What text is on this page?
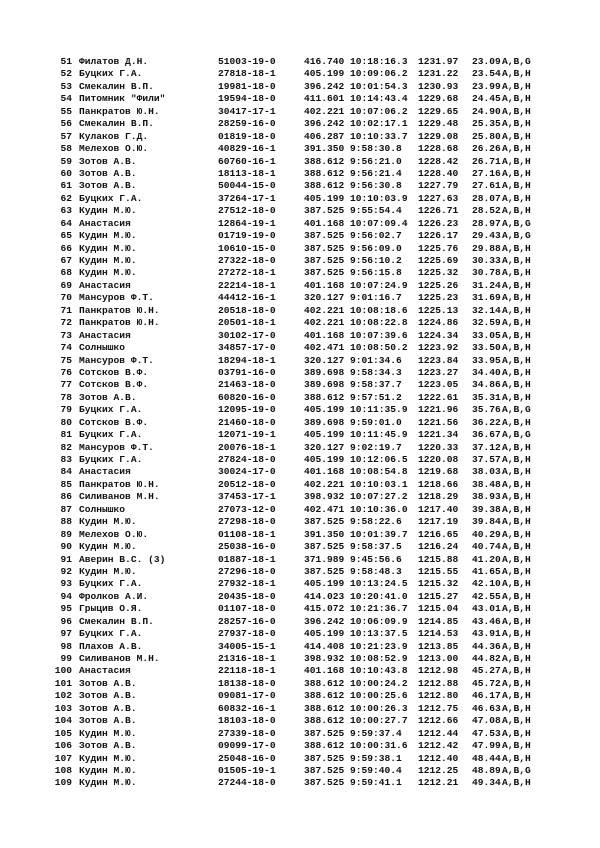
51 Филатов Д.Н.	51003-19-0	416.740 10:18:16.3 1231.97 23.09 A,B,G
52 Буцких Г.А.	27818-18-1	405.199 10:09:06.2 1231.22 23.54 A,B,H
53 Смекалин В.П.	19981-18-0	396.242 10:01:54.3 1230.93 23.99 A,B,H
54 Питомник "Фили"	19594-18-0	411.601 10:14:43.4 1229.68 24.45 A,B,H
55 Панкратов Ю.Н.	30417-17-1	402.221 10:07:06.2 1229.65 24.90 A,B,H
56 Смекалин В.П.	28259-16-0	396.242 10:02:17.1 1229.48 25.35 A,B,H
57 Кулаков Г.Д.	01819-18-0	406.287 10:10:33.7 1229.08 25.80 A,B,H
58 Мелехов О.Ю.	40829-16-1	391.350 9:58:30.8 1228.68 26.26 A,B,H
59 Зотов А.В.	60760-16-1	388.612 9:56:21.0 1228.42 26.71 A,B,H
60 Зотов А.В.	18113-18-1	388.612 9:56:21.4 1228.40 27.16 A,B,H
61 Зотов А.В.	50044-15-0	388.612 9:56:30.8 1227.79 27.61 A,B,H
62 Буцких Г.А.	37264-17-1	405.199 10:10:03.9 1227.63 28.07 A,B,H
63 Кудин М.Ю.	27512-18-0	387.525 9:55:54.4 1226.71 28.52 A,B,H
64 Анастасия	12864-19-1	401.168 10:07:09.4 1226.23 28.97 A,B,G
65 Кудин М.Ю.	01719-19-0	387.525 9:56:02.7 1226.17 29.43 A,B,G
66 Кудин М.Ю.	10610-15-0	387.525 9:56:09.0 1225.76 29.88 A,B,H
67 Кудин М.Ю.	27322-18-0	387.525 9:56:10.2 1225.69 30.33 A,B,H
68 Кудин М.Ю.	27272-18-1	387.525 9:56:15.8 1225.32 30.78 A,B,H
69 Анастасия	22214-18-1	401.168 10:07:24.9 1225.26 31.24 A,B,H
70 Мансуров Ф.Т.	44412-16-1	320.127 9:01:16.7 1225.23 31.69 A,B,H
71 Панкратов Ю.Н.	20518-18-0	402.221 10:08:18.6 1225.13 32.14 A,B,H
72 Панкратов Ю.Н.	20501-18-1	402.221 10:08:22.8 1224.86 32.59 A,B,H
73 Анастасия	30102-17-0	401.168 10:07:39.6 1224.34 33.05 A,B,H
74 Солнышко	34857-17-0	402.471 10:08:50.2 1223.92 33.50 A,B,H
75 Мансуров Ф.Т.	18294-18-1	320.127 9:01:34.6 1223.84 33.95 A,B,H
76 Сотсков В.Ф.	03791-16-0	389.698 9:58:34.3 1223.27 34.40 A,B,H
77 Сотсков В.Ф.	21463-18-0	389.698 9:58:37.7 1223.05 34.86 A,B,H
78 Зотов А.В.	60820-16-0	388.612 9:57:51.2 1222.61 35.31 A,B,H
79 Буцких Г.А.	12095-19-0	405.199 10:11:35.9 1221.96 35.76 A,B,G
80 Сотсков В.Ф.	21460-18-0	389.698 9:59:01.0 1221.56 36.22 A,B,H
81 Буцких Г.А.	12071-19-1	405.199 10:11:45.9 1221.34 36.67 A,B,G
82 Мансуров Ф.Т.	20076-18-1	320.127 9:02:19.7 1220.33 37.12 A,B,H
83 Буцких Г.А.	27824-18-0	405.199 10:12:06.5 1220.08 37.57 A,B,H
84 Анастасия	30024-17-0	401.168 10:08:54.8 1219.68 38.03 A,B,H
85 Панкратов Ю.Н.	20512-18-0	402.221 10:10:03.1 1218.66 38.48 A,B,H
86 Силиванов М.Н.	37453-17-1	398.932 10:07:27.2 1218.29 38.93 A,B,H
87 Солнышко	27073-12-0	402.471 10:10:36.0 1217.40 39.38 A,B,H
88 Кудин М.Ю.	27298-18-0	387.525 9:58:22.6 1217.19 39.84 A,B,H
89 Мелехов О.Ю.	01108-18-1	391.350 10:01:39.7 1216.65 40.29 A,B,H
90 Кудин М.Ю.	25038-16-0	387.525 9:58:37.5 1216.24 40.74 A,B,H
91 Аверин В.С. (3)	01887-18-1	371.989 9:45:56.6 1215.88 41.20 A,B,H
92 Кудин М.Ю.	27296-18-0	387.525 9:58:48.3 1215.55 41.65 A,B,H
93 Буцких Г.А.	27932-18-1	405.199 10:13:24.5 1215.32 42.10 A,B,H
94 Фролков А.И.	20435-18-0	414.023 10:20:41.0 1215.27 42.55 A,B,H
95 Грыцив О.Я.	01107-18-0	415.072 10:21:36.7 1215.04 43.01 A,B,H
96 Смекалин В.П.	28257-16-0	396.242 10:06:09.9 1214.85 43.46 A,B,H
97 Буцких Г.А.	27937-18-0	405.199 10:13:37.5 1214.53 43.91 A,B,H
98 Плахов А.В.	34005-15-1	414.408 10:21:23.9 1213.85 44.36 A,B,H
99 Силиванов М.Н.	21316-18-1	398.932 10:08:52.9 1213.00 44.82 A,B,H
100 Анастасия	22118-18-1	401.168 10:10:43.8 1212.98 45.27 A,B,H
101 Зотов А.В.	18138-18-0	388.612 10:00:24.2 1212.88 45.72 A,B,H
102 Зотов А.В.	09081-17-0	388.612 10:00:25.6 1212.80 46.17 A,B,H
103 Зотов А.В.	60832-16-1	388.612 10:00:26.3 1212.75 46.63 A,B,H
104 Зотов А.В.	18103-18-0	388.612 10:00:27.7 1212.66 47.08 A,B,H
105 Кудин М.Ю.	27339-18-0	387.525 9:59:37.4 1212.44 47.53 A,B,H
106 Зотов А.В.	09099-17-0	388.612 10:00:31.6 1212.42 47.99 A,B,H
107 Кудин М.Ю.	25048-16-0	387.525 9:59:38.1 1212.40 48.44 A,B,H
108 Кудин М.Ю.	01505-19-1	387.525 9:59:40.4 1212.25 48.89 A,B,G
109 Кудин М.Ю.	27244-18-0	387.525 9:59:41.1 1212.21 49.34 A,B,H
